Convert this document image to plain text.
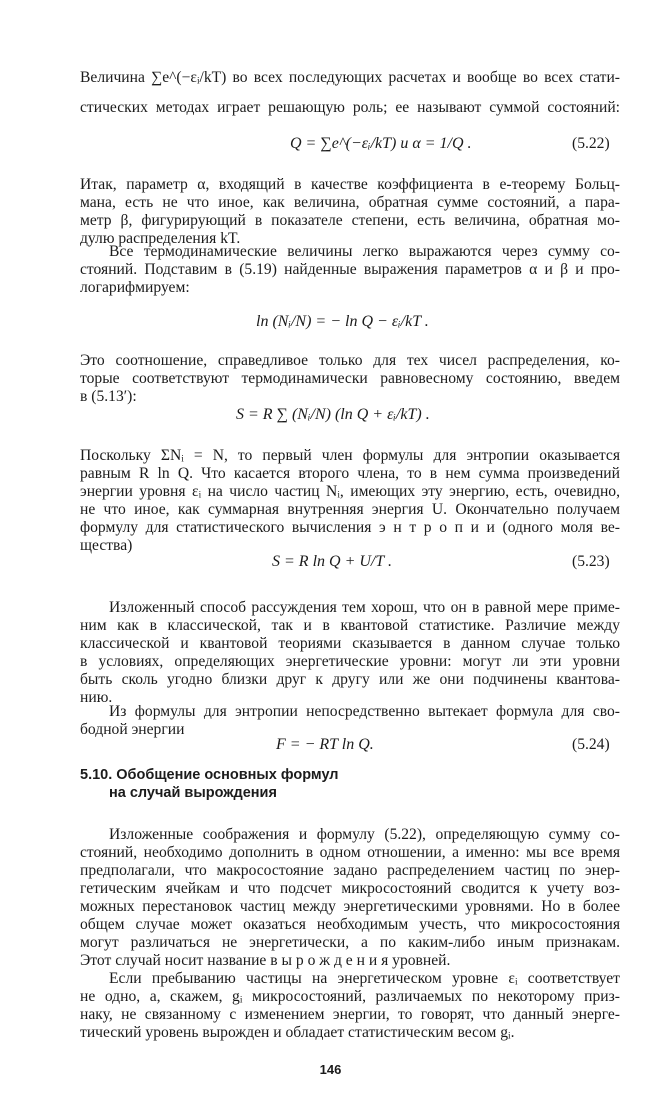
Величина ∑e^(−εᵢ/kT) во всех последующих расчетах и вообще во всех стати-
стических методах играет решающую роль; ее называют суммой состояний:
Q = ∑e^(−εᵢ/kT) и α = 1/Q .	(5.22)
Итак, параметр α, входящий в качестве коэффициента в e-теорему Больц-
мана, есть не что иное, как величина, обратная сумме состояний, а пара-
метр β, фигурирующий в показателе степени, есть величина, обратная мо-
дулю распределения kT.
Все термодинамические величины легко выражаются через сумму со-
стояний. Подставим в (5.19) найденные выражения параметров α и β и про-
логарифмируем:
ln (Nᵢ/N) = − ln Q − εᵢ/kT .
Это соотношение, справедливое только для тех чисел распределения, ко-
торые соответствуют термодинамически равновесному состоянию, введем
в (5.13′):
S = R ∑ (Nᵢ/N) (ln Q + εᵢ/kT) .
Поскольку ΣNᵢ = N, то первый член формулы для энтропии оказывается
равным R ln Q. Что касается второго члена, то в нем сумма произведений
энергии уровня εᵢ на число частиц Nᵢ, имеющих эту энергию, есть, очевидно,
не что иное, как суммарная внутренняя энергия U. Окончательно получаем
формулу для статистического вычисления э н т р о п и и (одного моля ве-
щества)
S = R ln Q + U/T .	(5.23)
Изложенный способ рассуждения тем хорош, что он в равной мере приме-
ним как в классической, так и в квантовой статистике. Различие между
классической и квантовой теориями сказывается в данном случае только
в условиях, определяющих энергетические уровни: могут ли эти уровни
быть сколь угодно близки друг к другу или же они подчинены квантова-
нию.
Из формулы для энтропии непосредственно вытекает формула для сво-
бодной энергии
F = − RT ln Q.	(5.24)
5.10. Обобщение основных формул
на случай вырождения
Изложенные соображения и формулу (5.22), определяющую сумму со-
стояний, необходимо дополнить в одном отношении, а именно: мы все время
предполагали, что макросостояние задано распределением частиц по энер-
гетическим ячейкам и что подсчет микросостояний сводится к учету воз-
можных перестановок частиц между энергетическими уровнями. Но в более
общем случае может оказаться необходимым учесть, что микросостояния
могут различаться не энергетически, а по каким-либо иным признакам.
Этот случай носит название в ы р о ж д е н и я уровней.
Если пребыванию частицы на энергетическом уровне εᵢ соответствует
не одно, а, скажем, gᵢ микросостояний, различаемых по некоторому приз-
наку, не связанному с изменением энергии, то говорят, что данный энерге-
тический уровень вырожден и обладает статистическим весом gᵢ.
146
